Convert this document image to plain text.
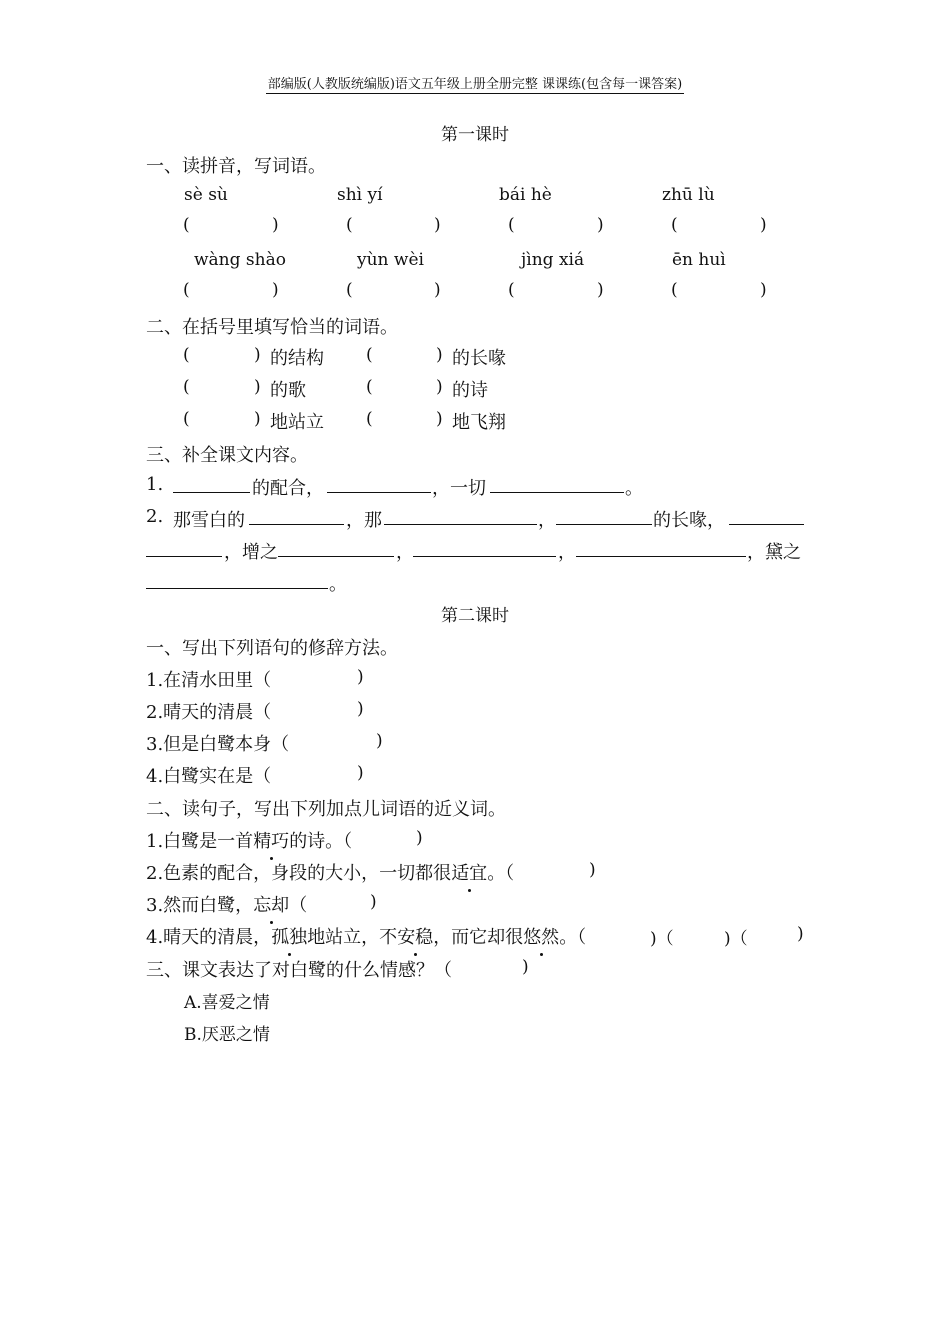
部编版(人教版统编版)语文五年级上册全册完整 课课练(包含每一课答案)
第一课时
一、读拼音，写词语。
sè sù	shì yí	bái hè	zhū lù
(	)	(	)	(	)	(	)
wàng shào	yùn wèi	jìng xiá	ēn huì
(	)	(	)	(	)	(	)
二、在括号里填写恰当的词语。
(	) 的结构 (	) 的长喙
(	) 的歌	(	) 的诗
(	) 地站立 (	) 地飞翔
三、补全课文内容。
1.	的配合，	，一切	。
2. 那雪白的	，那	，	的长喙，
，增之	，	，	，黛之
。
第二课时
一、写出下列语句的修辞方法。
1.在清水田里（	)
2.晴天的清晨（	)
3.但是白鹭本身（	)
4.白鹭实在是（	)
二、读句子，写出下列加点儿词语的近义词。
1.白鹭是一首精巧的诗。（	)
2.色素的配合，身段的大小，一切都很适宜。（	)
3.然而白鹭，忘却（	)
4.晴天的清晨，孤独地站立，不安稳，而它却很悠然。（	)（	)（	)
三、课文表达了对白鹭的什么情感？（	)
A.喜爱之情
B.厌恶之情
